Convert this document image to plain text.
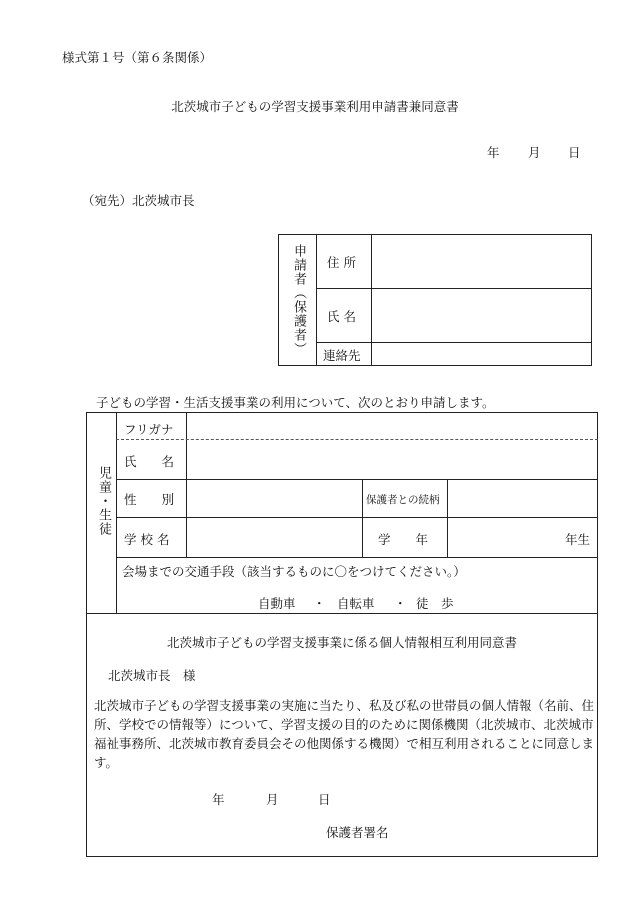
様式第１号（第６条関係）
北茨城市子どもの学習支援事業利用申請書兼同意書
年 月 日
（宛先）北茨城市長
申請者（保護者） 住 所
氏 名
連絡先
子どもの学習・生活支援事業の利用について、次のとおり申請します。
児童・生徒
フリガナ
氏　　名
性　　別	保護者との続柄
学 校 名	学　　年	年生
会場までの交通手段（該当するものに〇をつけてください。）
自動車 ・ 自転車 ・ 徒　歩
北茨城市子どもの学習支援事業に係る個人情報相互利用同意書
北茨城市長　様
北茨城市子どもの学習支援事業の実施に当たり、私及び私の世帯員の個人情報（名前、住所、学校での情報等）について、学習支援の目的のために関係機関（北茨城市、北茨城市福祉事務所、北茨城市教育委員会その他関係する機関）で相互利用されることに同意します。
年	月	日
保護者署名
